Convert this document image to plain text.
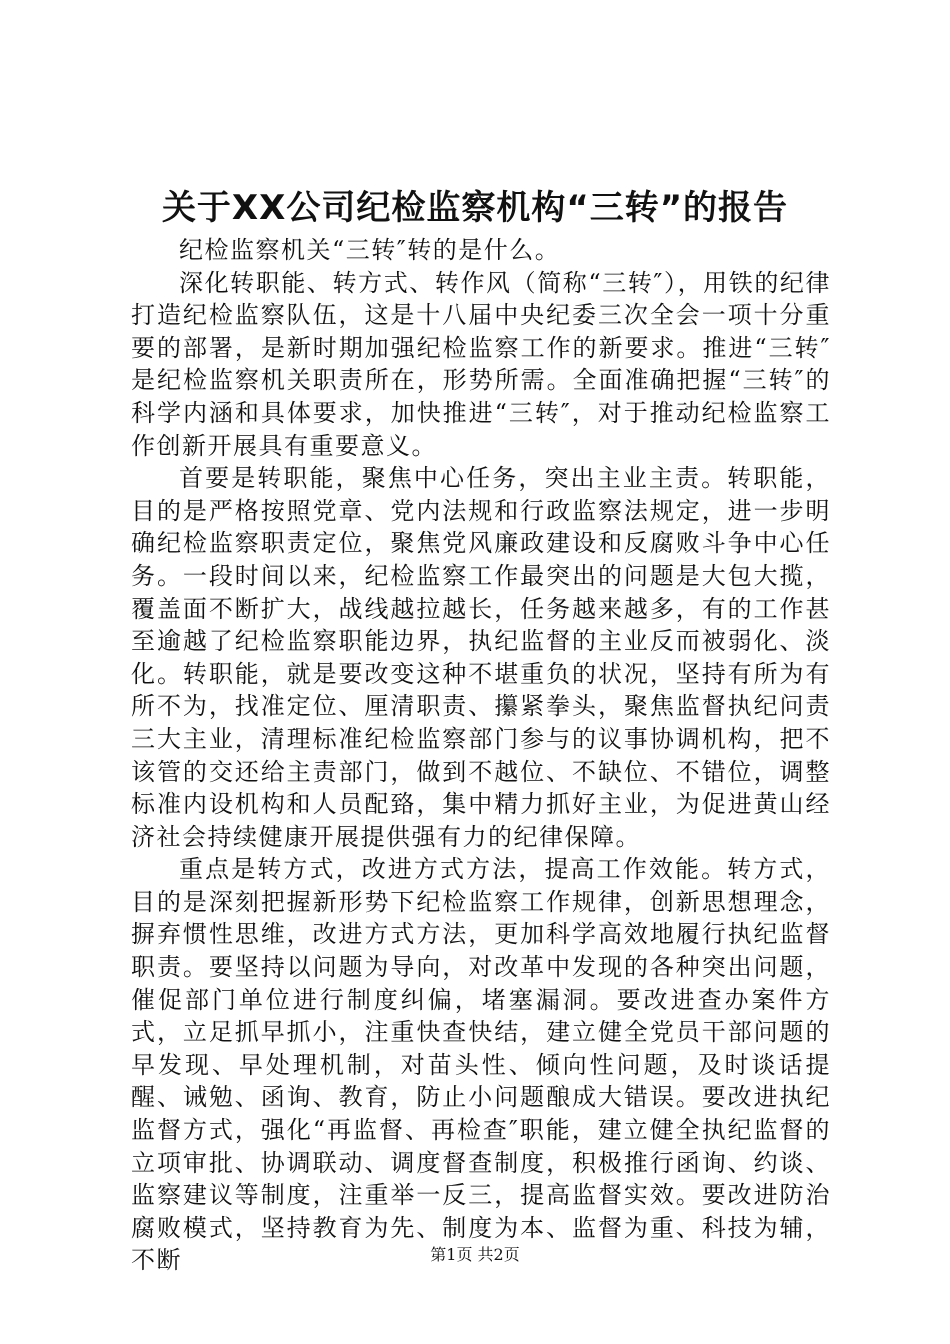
关于XX公司纪检监察机构“三转”的报告

纪检监察机关“三转″转的是什么。

深化转职能、转方式、转作风（简称“三转″），用铁的纪律打造纪检监察队伍，这是十八届中央纪委三次全会一项十分重要的部署，是新时期加强纪检监察工作的新要求。推进“三转″是纪检监察机关职责所在，形势所需。全面准确把握“三转″的科学内涵和具体要求，加快推进“三转″，对于推动纪检监察工作创新开展具有重要意义。

首要是转职能，聚焦中心任务，突出主业主责。转职能，目的是严格按照党章、党内法规和行政监察法规定，进一步明确纪检监察职责定位，聚焦党风廉政建设和反腐败斗争中心任务。一段时间以来，纪检监察工作最突出的问题是大包大揽，覆盖面不断扩大，战线越拉越长，任务越来越多，有的工作甚至逾越了纪检监察职能边界，执纪监督的主业反而被弱化、淡化。转职能，就是要改变这种不堪重负的状况，坚持有所为有所不为，找准定位、厘清职责、攥紧拳头，聚焦监督执纪问责三大主业，清理标准纪检监察部门参与的议事协调机构，把不该管的交还给主责部门，做到不越位、不缺位、不错位，调整标准内设机构和人员配臵，集中精力抓好主业，为促进黄山经济社会持续健康开展提供强有力的纪律保障。

重点是转方式，改进方式方法，提高工作效能。转方式，目的是深刻把握新形势下纪检监察工作规律，创新思想理念，摒弃惯性思维，改进方式方法，更加科学高效地履行执纪监督职责。要坚持以问题为导向，对改革中发现的各种突出问题，催促部门单位进行制度纠偏，堵塞漏洞。要改进查办案件方式，立足抓早抓小，注重快查快结，建立健全党员干部问题的早发现、早处理机制，对苗头性、倾向性问题，及时谈话提醒、诫勉、函询、教育，防止小问题酿成大错误。要改进执纪监督方式，强化“再监督、再检查″职能，建立健全执纪监督的立项审批、协调联动、调度督查制度，积极推行函询、约谈、监察建议等制度，注重举一反三，提高监督实效。要改进防治腐败模式，坚持教育为先、制度为本、监督为重、科技为辅，不断	第1页 共2页
